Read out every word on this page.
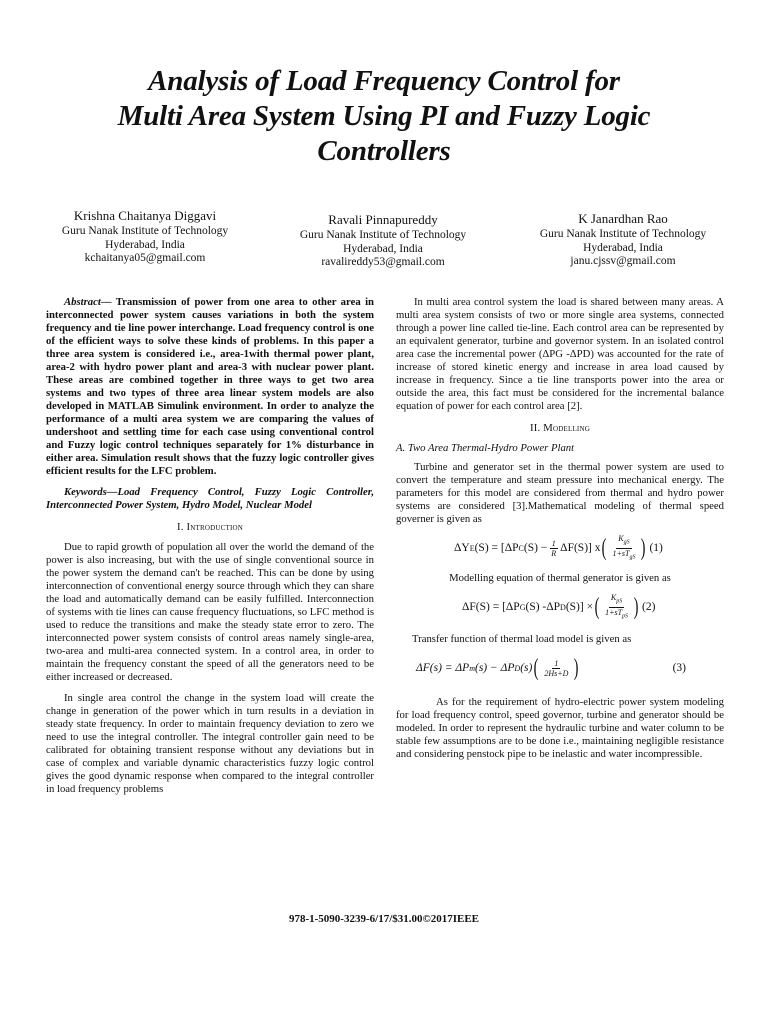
Analysis of Load Frequency Control for
Multi Area System Using PI and Fuzzy Logic
Controllers
Krishna Chaitanya Diggavi
Guru Nanak Institute of Technology
Hyderabad, India
kchaitanya05@gmail.com
Ravali Pinnapureddy
Guru Nanak Institute of Technology
Hyderabad, India
ravalireddy53@gmail.com
K Janardhan Rao
Guru Nanak Institute of Technology
Hyderabad, India
janu.cjssv@gmail.com

Abstract— Transmission of power from one area to other area in interconnected power system causes variations in both the system frequency and tie line power interchange. Load frequency control is one of the efficient ways to solve these kinds of problems. In this paper a three area system is considered i.e., area-1with thermal power plant, area-2 with hydro power plant and area-3 with nuclear power plant. These areas are combined together in three ways to get two area systems and two types of three area linear system models are also developed in MATLAB Simulink environment. In order to analyze the performance of a multi area system we are comparing the values of undershoot and settling time for each case using conventional control and Fuzzy logic control techniques separately for 1% disturbance in either area. Simulation result shows that the fuzzy logic controller gives efficient results for the LFC problem.

Keywords—Load Frequency Control, Fuzzy Logic Controller, Interconnected Power System, Hydro Model, Nuclear Model

I. Introduction

Due to rapid growth of population all over the world the demand of the power is also increasing, but with the use of single conventional source in the power system the demand can't be reached. This can be done by using interconnection of conventional energy source through which they can share the load and automatically demand can be easily fulfilled. Interconnection of systems with tie lines can cause frequency fluctuations, so LFC method is used to reduce the transitions and make the steady state error to zero. The interconnected power system consists of control areas namely single-area, two-area and multi-area connected system. In a control area, in order to maintain the frequency constant the speed of all the generators need to be either increased or decreased.

In single area control the change in the system load will create the change in generation of the power which in turn results in a deviation in steady state frequency. In order to maintain frequency deviation to zero we need to use the integral controller. The integral controller gain need to be calibrated for obtaining transient response without any deviations but in case of complex and variable dynamic characteristics fuzzy logic control gives the good dynamic response when compared to the integral controller in load frequency problems

In multi area control system the load is shared between many areas. A multi area system consists of two or more single area systems, connected through a power line called tie-line. Each control area can be represented by an equivalent generator, turbine and governor system. In an isolated control area case the incremental power (ΔPG -ΔPD) was accounted for the rate of increase of stored kinetic energy and increase in area load caused by increase in frequency. Since a tie line transports power into the area or outside the area, this fact must be considered for the incremental balance equation of power for each control area [2].

II. Modelling
A. Two Area Thermal-Hydro Power Plant

Turbine and generator set in the thermal power system are used to convert the temperature and steam pressure into mechanical energy. The parameters for this model are considered from thermal and hydro power systems are considered [3].Mathematical modeling of thermal speed governer is given as

ΔY E (S) = [ΔP C $(S) - \frac{1}{R} \Delta F(S)$] x ( $\frac{K_{gS}}{1+sT_{gS}}$ ) (1)

Modelling equation of thermal generator is given as

ΔF(S) = [ΔP G (S) -ΔP D (S)] × ( $\frac{K_{pS}}{1+sT_{pS}}$ ) (2)

Transfer function of thermal load model is given as

ΔF(s) = ΔP m (s) − ΔP D (s) ( $\frac{1}{2Hs+D}$ )	(3)

As for the requirement of hydro-electric power system modeling for load frequency control, speed governor, turbine and generator should be modeled. In order to represent the hydraulic turbine and water column to be stable few assumptions are to be done i.e., maintaining negligible resistance and considering penstock pipe to be inelastic and water incompressible.

978-1-5090-3239-6/17/$31.00©2017IEEE
